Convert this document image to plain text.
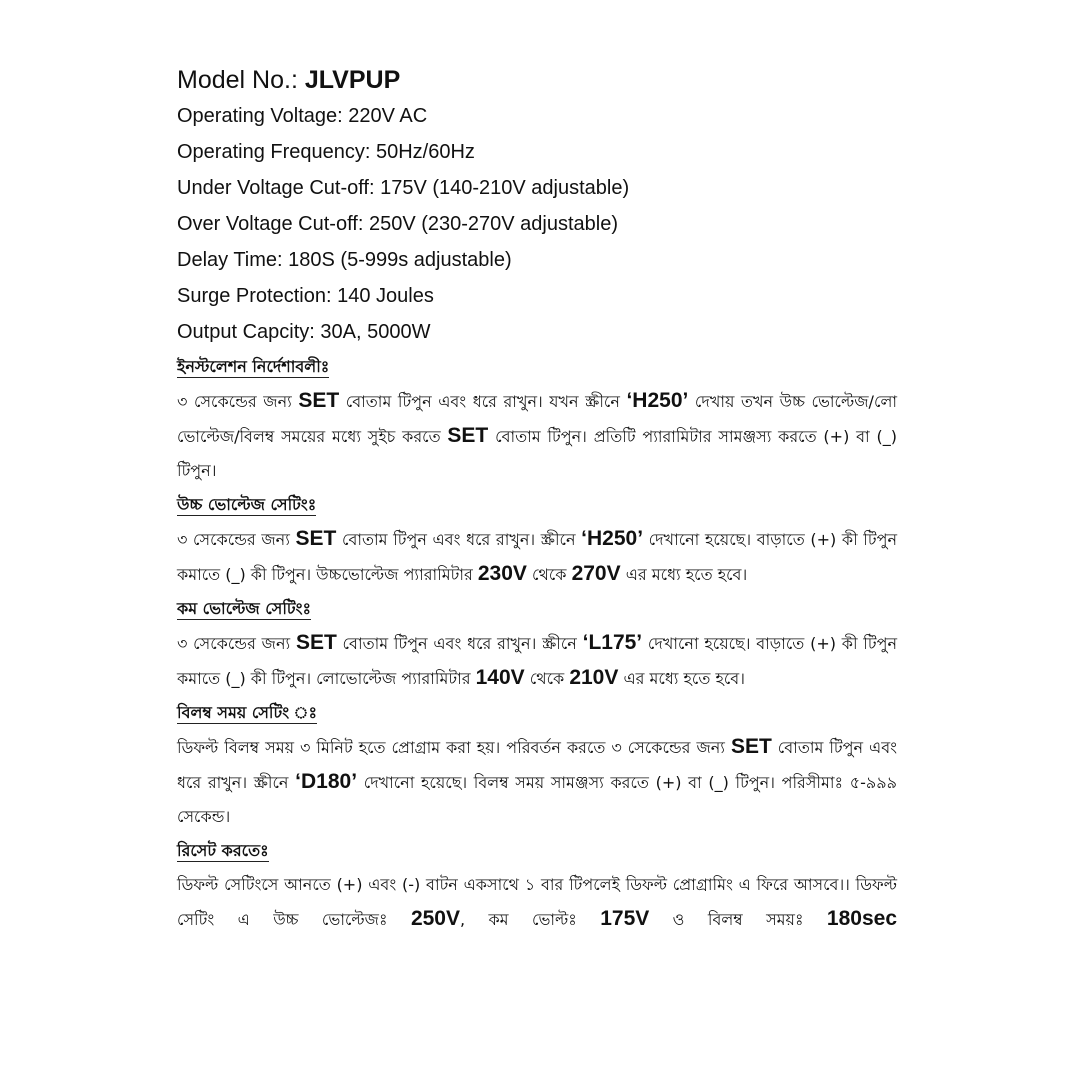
Model No.: JLVPUP
Operating Voltage: 220V AC
Operating Frequency: 50Hz/60Hz
Under Voltage Cut-off: 175V (140-210V adjustable)
Over Voltage Cut-off: 250V (230-270V adjustable)
Delay Time: 180S (5-999s adjustable)
Surge Protection: 140 Joules
Output Capcity: 30A, 5000W
ইনস্টলেশন নির্দেশাবলীঃ
৩ সেকেন্ডের জন্য SET বোতাম টিপুন এবং ধরে রাখুন। যখন স্ক্রীনে ‘H250’ দেখায় তখন উচ্চ ভোল্টেজ/লো ভোল্টেজ/বিলম্ব সময়ের মধ্যে সুইচ করতে SET বোতাম টিপুন। প্রতিটি প্যারামিটার সামঞ্জস্য করতে (+) বা (_) টিপুন।
উচ্চ ভোল্টেজ সেটিংঃ
৩ সেকেন্ডের জন্য SET বোতাম টিপুন এবং ধরে রাখুন। স্ক্রীনে ‘H250’ দেখানো হয়েছে। বাড়াতে (+) কী টিপুন কমাতে (_) কী টিপুন। উচ্চভোল্টেজ প্যারামিটার 230V থেকে 270V এর মধ্যে হতে হবে।
কম ভোল্টেজ সেটিংঃ
৩ সেকেন্ডের জন্য SET বোতাম টিপুন এবং ধরে রাখুন। স্ক্রীনে ‘L175’ দেখানো হয়েছে। বাড়াতে (+) কী টিপুন কমাতে (_) কী টিপুন। লোভোল্টেজ প্যারামিটার 140V থেকে 210V এর মধ্যে হতে হবে।
বিলম্ব সময় সেটিং ঃ
ডিফল্ট বিলম্ব সময় ৩ মিনিট হতে প্রোগ্রাম করা হয়। পরিবর্তন করতে ৩ সেকেন্ডের জন্য SET বোতাম টিপুন এবং ধরে রাখুন। স্ক্রীনে ‘D180’ দেখানো হয়েছে। বিলম্ব সময় সামঞ্জস্য করতে (+) বা (_) টিপুন। পরিসীমাঃ ৫-৯৯৯ সেকেন্ড।
রিসেট করতেঃ
ডিফল্ট সেটিংসে আনতে (+) এবং (-) বাটন একসাথে ১ বার টিপলেই ডিফল্ট প্রোগ্রামিং এ ফিরে আসবে।। ডিফল্ট সেটিং এ উচ্চ ভোল্টেজঃ 250V, কম ভোল্টঃ 175V ও বিলম্ব সময়ঃ 180sec
